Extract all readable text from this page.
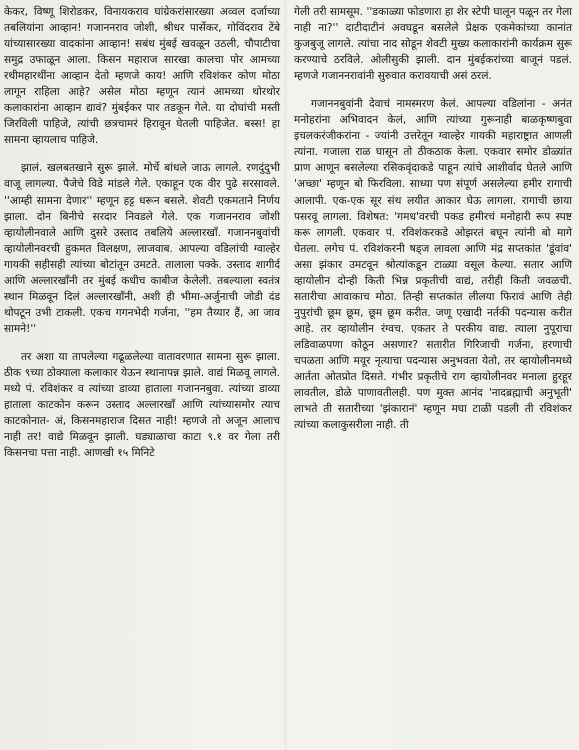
केकर, विष्णू शिरोडकर, विनायकराव घांग्रेकरांसारख्या अव्वल दर्जाच्या तबलियांना आव्हान! गजाननराव जोशी, श्रीधर पार्सेकर, गोविंदराव टेंबे यांच्यासारख्या वादकांना आव्हान! सबंध मुंबई खवळून उठली, चौपाटीचा समुद्र उफाळून आला. किसन महाराज सारखा कालचा पोर आमच्या रथीमहारथींना आव्हान देतो म्हणजे काय! आणि रविशंकर कोण मोठा लागून राहिला आहे? असेल मोठा म्हणून त्यानं आमच्या थोरथोर कलाकारांना आव्हान द्यावं? मुंबईकर पार तडकून गेले. या दोघांची मस्ती जिरविली पाहिजे, त्यांची छत्रचामरं हिरावून घेतली पाहिजेत. बस्स! हा सामना व्हायलाच पाहिजे.

झालं. खलबतखाने सुरू झाले. मोर्चे बांधले जाऊ लागले. रणदुंदुभी वाजू लागल्या. पैजेचे विडे मांडले गेले. एकाहून एक वीर पुढे सरसावले. ''आम्ही सामना देणार'' म्हणून हट्ट धरून बसले. शेवटी एकमताने निर्णय झाला. दोन बिनीचे सरदार निवडले गेले. एक गजाननराव जोशी व्हायोलीनवाले आणि दुसरे उस्ताद तबलिये अल्लारखाँ. गजाननबुवांची व्हायोलीनवरची हुकमत विलक्षण, लाजवाब. आपल्या वडिलांची ग्वाल्हेर गायकी सहीसही त्यांच्या बोटांतून उमटते. तालाला पक्के. उस्ताद शागीर्द आणि अल्लारखाँनी तर मुंबई कधीच काबीज केलेली. तबल्याला स्वतंत्र स्थान मिळवून दिलं अल्लारखाँनी, अशी ही भीमा-अर्जुनाची जोडी दंड थोपटून उभी टाकली. एकच गगनभेदी गर्जना, ''हम तैय्यार हैं, आ जाव सामने!''

तर अशा या तापलेल्या गढूळलेल्या वातावरणात सामना सुरू झाला. ठीक ९च्या ठोक्याला कलाकार येऊन स्थानापन्न झाले. वाद्यं मिळवू लागले. मध्ये पं. रविशंकर व त्यांच्या डाव्या हाताला गजाननबुवा. त्यांच्या डाव्या हाताला काटकोन करून उस्ताद अल्लारखाँ आणि त्यांच्यासमोर त्याच काटकोनात- अं, किसनमहाराज दिसत नाही! म्हणजे तो अजून आलाच नाही तर! वाद्ये मिळवून झाली. घड्याळाचा काटा ९.१ वर गेला तरी किसनचा पत्ता नाही. आणखी १५ मिनिटे

गेली तरी सामसूम. ''डकाळ्या फोडणारा हा शेर स्टेपी घालून पळून तर गेला नाही ना?'' दाटीदाटीनं अवघडून बसलेले प्रेक्षक एकमेकांच्या कानांत कुजबुजू लागले. त्यांचा नाद सोडून शेवटी मुख्य कलाकारांनी कार्यक्रम सुरू करण्याचे ठरविले. ओलीसुकी झाली. दान मुंबईकरांच्या बाजूनं पडलं. म्हणजे गजाननरावांनी सुरुवात करावयाची असं ठरलं.

गजाननबुवांनी देवाचं नामस्मरण केलं. आपल्या वडिलांना - अनंत मनोहरांना अभिवादन केलं, आणि त्यांच्या गुरूनाही बाळकृष्णबुवा इचलकरंजीकरांना - ज्यांनी उत्तरेतून ग्वाल्हेर गायकी महाराष्ट्रात आणली त्यांना. गजाला राळ घासून तो ठीकठाक केला. एकवार समोर डोळ्यांत प्राण आणून बसलेल्या रसिकवृंदाकडे पाहून त्यांचे आशीर्वाद घेतले आणि 'अच्छा' म्हणून बो फिरविला. साध्या पण संपूर्ण असलेल्या हमीर रागाची आलापी. एक-एक सूर संथ लयीत आकार घेऊ लागला. रागाची छाया पसरवू लागला. विशेषत: 'गमध'वरची पकड हमीरचं मनोहारी रूप स्पष्ट करू लागली. एकवार पं. रविशंकरकडे ओझरतं बघून त्यांनी बो मागे घेतला. लगेच पं. रविशंकरनी षड्ज लावला आणि मंद्र सप्तकांत 'डूंवांव' असा झंकार उमटवून श्रोत्यांकडून टाळ्या वसूल केल्या. सतार आणि व्हायोलीन दोन्ही किती भिन्न प्रकृतीची वाद्यं, तरीही किती जवळची. सतारीचा आवाकाच मोठा. तिन्ही सप्तकांत लीलया फिरावं आणि तेही नुपुरांची छूम छूम, छूम छूम करीत. जणू एखादी नर्तकी पदन्यास करीत आहे. तर व्हायोलीन रंग्वच. एकतर ते परकीय वाद्य. त्याला नुपूराचा लडिवाळपणा कोठून असणार? सतारीत गिरिजाची गर्जना, हरणाची चपळता आणि मयूर नृत्याचा पदन्यास अनुभवता येतो, तर व्हायोलीनमध्ये आर्तता ओतप्रोत दिसते. गंभीर प्रकृतीचे राग व्हायोलीनवर मनाला हुरहूर लावतील, डोळे पाणावतीलही. पण मुक्त आनंद 'नादब्रह्माची अनुभूती' लाभते ती सतारीच्या 'झंकारानं' म्हणून मघा टाळी पडली ती रविशंकर त्यांच्या कलाकुसरीला नाही. ती
